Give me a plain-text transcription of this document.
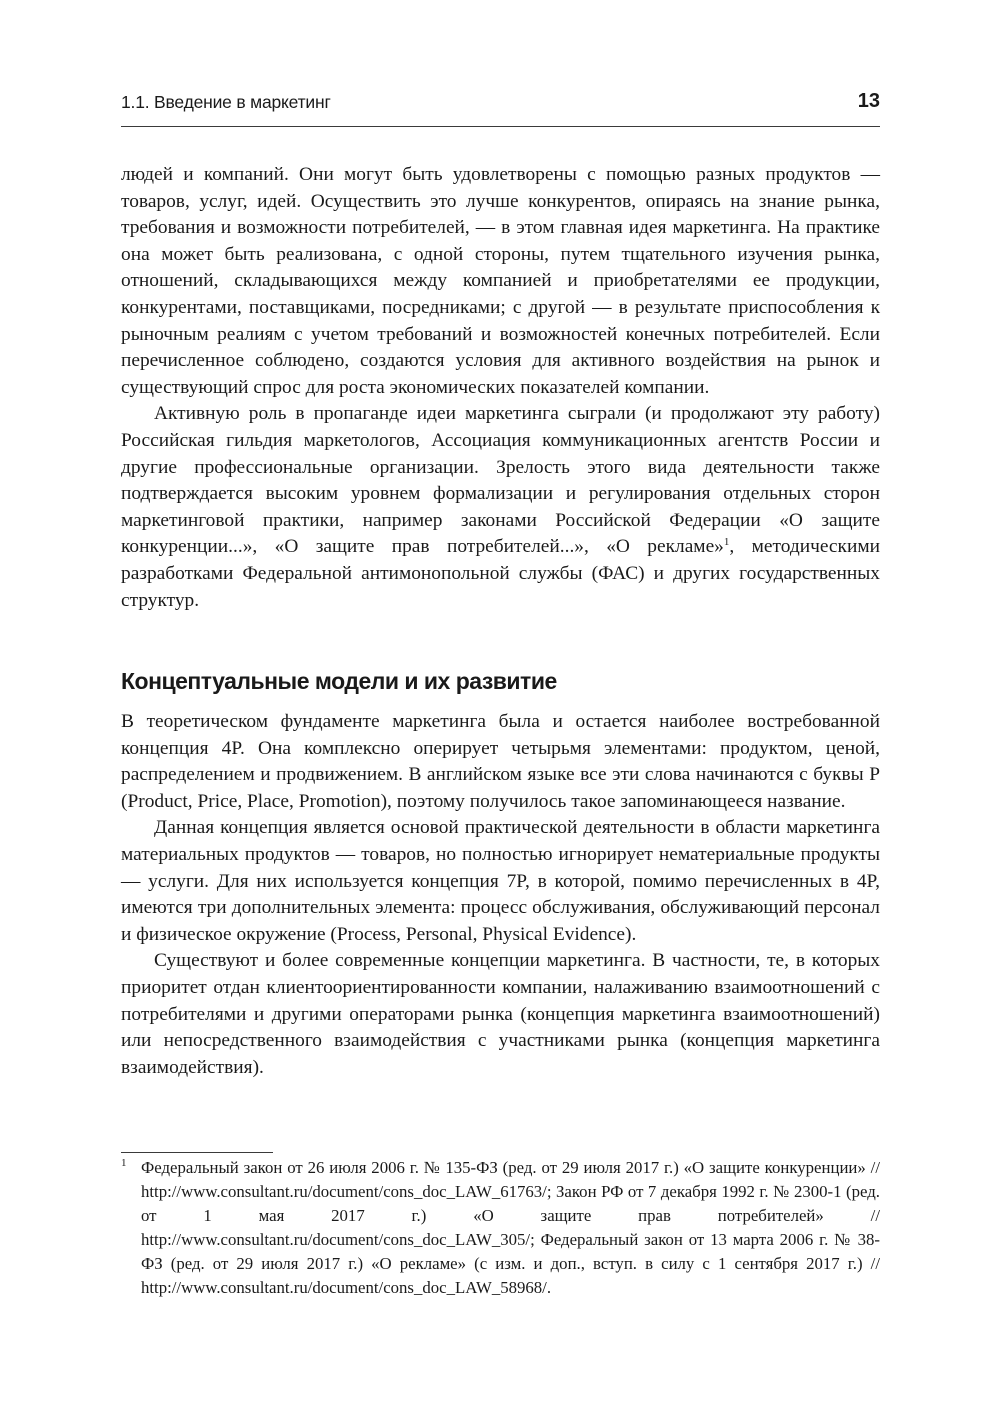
1.1. Введение в маркетинг	13

людей и компаний. Они могут быть удовлетворены с помощью разных продуктов — товаров, услуг, идей. Осуществить это лучше конкурентов, опираясь на знание рынка, требования и возможности потребителей, — в этом главная идея маркетинга. На практике она может быть реализована, с одной стороны, путем тщательного изучения рынка, отношений, складывающихся между компанией и приобретателями ее продукции, конкурентами, поставщиками, посредниками; с другой — в результате приспособления к рыночным реалиям с учетом требований и возможностей конечных потребителей. Если перечисленное соблюдено, создаются условия для активного воздействия на рынок и существующий спрос для роста экономических показателей компании.

Активную роль в пропаганде идеи маркетинга сыграли (и продолжают эту работу) Российская гильдия маркетологов, Ассоциация коммуникационных агентств России и другие профессиональные организации. Зрелость этого вида деятельности также подтверждается высоким уровнем формализации и регулирования отдельных сторон маркетинговой практики, например законами Российской Федерации «О защите конкуренции...», «О защите прав потребителей...», «О рекламе»$^1$, методическими разработками Федеральной антимонопольной службы (ФАС) и других государственных структур.

Концептуальные модели и их развитие

В теоретическом фундаменте маркетинга была и остается наиболее востребованной концепция 4P. Она комплексно оперирует четырьмя элементами: продуктом, ценой, распределением и продвижением. В английском языке все эти слова начинаются с буквы P (Product, Price, Place, Promotion), поэтому получилось такое запоминающееся название.

Данная концепция является основой практической деятельности в области маркетинга материальных продуктов — товаров, но полностью игнорирует нематериальные продукты — услуги. Для них используется концепция 7P, в которой, помимо перечисленных в 4P, имеются три дополнительных элемента: процесс обслуживания, обслуживающий персонал и физическое окружение (Process, Personal, Physical Evidence).

Существуют и более современные концепции маркетинга. В частности, те, в которых приоритет отдан клиентоориентированности компании, налаживанию взаимоотношений с потребителями и другими операторами рынка (концепция маркетинга взаимоотношений) или непосредственного взаимодействия с участниками рынка (концепция маркетинга взаимодействия).

1 Федеральный закон от 26 июля 2006 г. № 135-ФЗ (ред. от 29 июля 2017 г.) «О защите конкуренции» // http://www.consultant.ru/document/cons_doc_LAW_61763/; Закон РФ от 7 декабря 1992 г. № 2300-1 (ред. от 1 мая 2017 г.) «О защите прав потребителей» // http://www.consultant.ru/document/cons_doc_LAW_305/; Федеральный закон от 13 марта 2006 г. № 38-ФЗ (ред. от 29 июля 2017 г.) «О рекламе» (с изм. и доп., вступ. в силу с 1 сентября 2017 г.) // http://www.consultant.ru/document/cons_doc_LAW_58968/.
